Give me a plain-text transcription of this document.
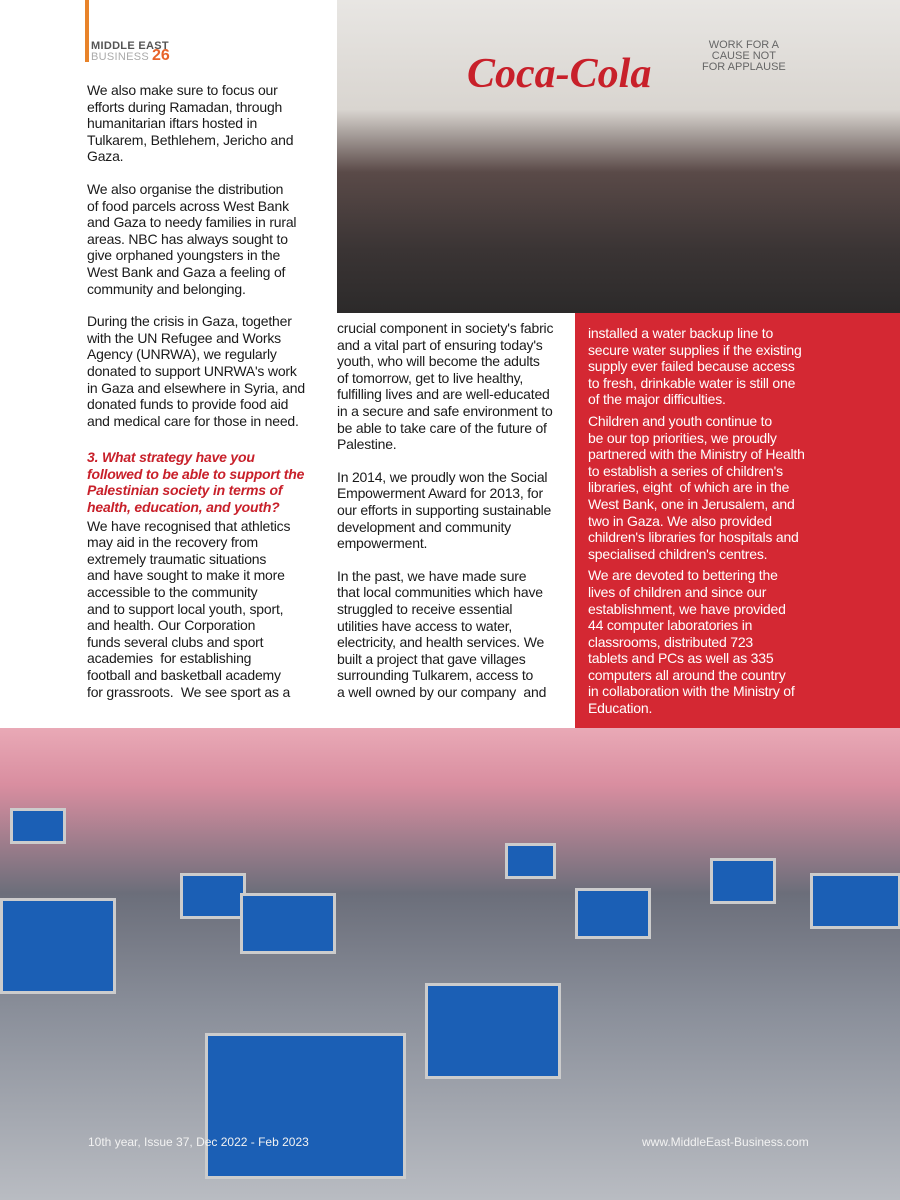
MIDDLE EAST
BUSINESS 26	Coca-Cola
WORK FOR A
CAUSE NOT
FOR APPLAUSE

We also make sure to focus our
efforts during Ramadan, through
humanitarian iftars hosted in
Tulkarem, Bethlehem, Jericho and
Gaza.

We also organise the distribution
of food parcels across West Bank
and Gaza to needy families in rural
areas. NBC has always sought to
give orphaned youngsters in the
West Bank and Gaza a feeling of
community and belonging.

During the crisis in Gaza, together
with the UN Refugee and Works
Agency (UNRWA), we regularly
donated to support UNRWA's work
in Gaza and elsewhere in Syria, and
donated funds to provide food aid
and medical care for those in need.

3. What strategy have you
followed to be able to support the
Palestinian society in terms of
health, education, and youth?

We have recognised that athletics
may aid in the recovery from
extremely traumatic situations
and have sought to make it more
accessible to the community
and to support local youth, sport,
and health. Our Corporation
funds several clubs and sport
academies  for establishing
football and basketball academy
for grassroots.  We see sport as a

crucial component in society's fabric
and a vital part of ensuring today's
youth, who will become the adults
of tomorrow, get to live healthy,
fulfilling lives and are well-educated
in a secure and safe environment to
be able to take care of the future of
Palestine.

In 2014, we proudly won the Social
Empowerment Award for 2013, for
our efforts in supporting sustainable
development and community
empowerment.

In the past, we have made sure
that local communities which have
struggled to receive essential
utilities have access to water,
electricity, and health services. We
built a project that gave villages
surrounding Tulkarem, access to
a well owned by our company  and

installed a water backup line to
secure water supplies if the existing
supply ever failed because access
to fresh, drinkable water is still one
of the major difficulties.

Children and youth continue to
be our top priorities, we proudly
partnered with the Ministry of Health
to establish a series of children's
libraries, eight  of which are in the
West Bank, one in Jerusalem, and
two in Gaza. We also provided
children's libraries for hospitals and
specialised children's centres.

We are devoted to bettering the
lives of children and since our
establishment, we have provided
44 computer laboratories in
classrooms, distributed 723
tablets and PCs as well as 335
computers all around the country
in collaboration with the Ministry of
Education.

10th year, Issue 37, Dec 2022 - Feb 2023	www.MiddleEast-Business.com
